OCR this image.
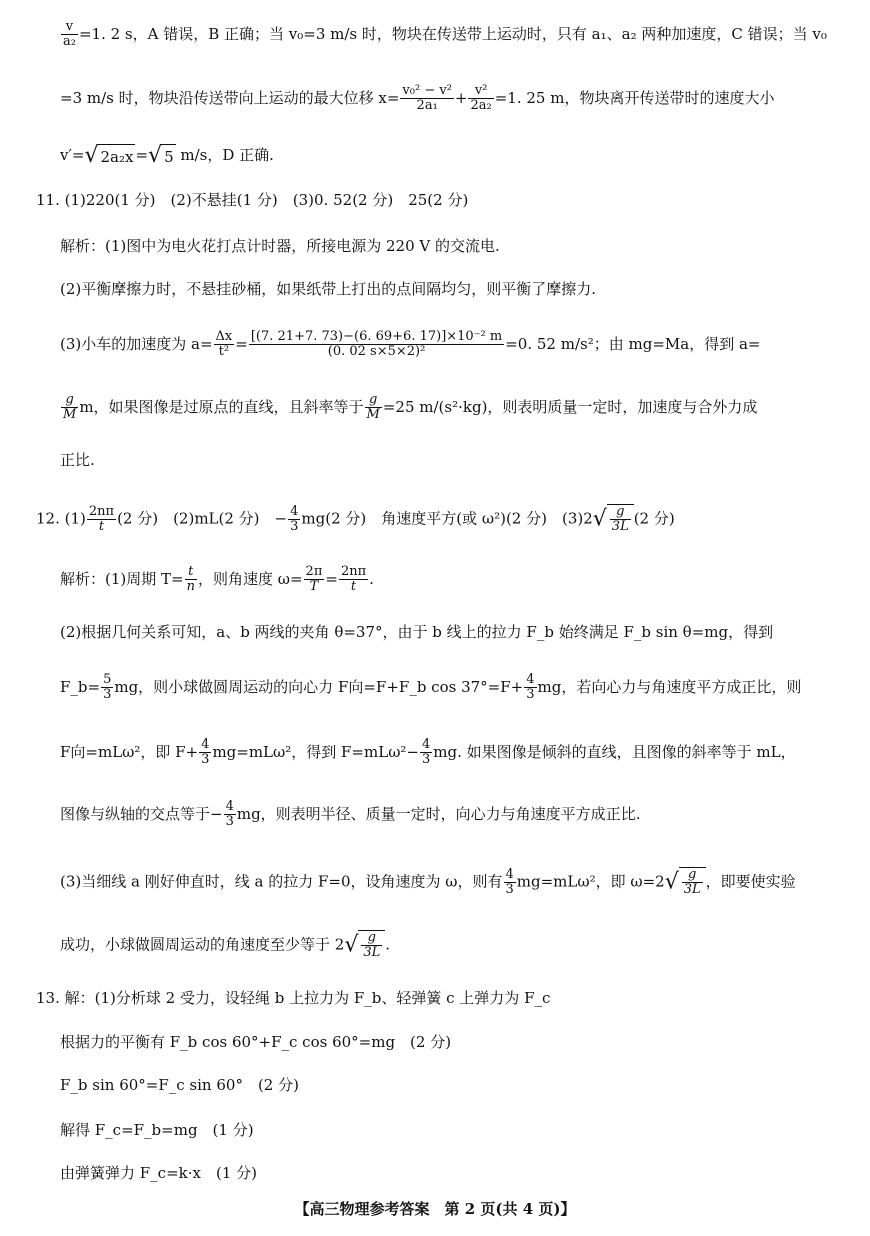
$\frac{v}{\text{a₂}} =1$. 2 s，A 错误，B 正确；当 v₀=3 m/s 时，物块在传送带上运动时，只有 a₁、a₂ 两种加速度，C 错误；当 v₀
=3 m/s 时，物块沿传送带向上运动的最大位移 $x= \frac{\text{v₀² − v²}}{\text{2a₁}} + \frac{\text{v²}}{\text{2a₂}} =1$. 25 m，物块离开传送带时的速度大小
v′=√ 2a₂x =√ 5 m/s，D 正确.
11. (1)220(1 分)　(2)不悬挂(1 分)　(3)0. 52(2 分)　25(2 分)
解析：(1)图中为电火花打点计时器，所接电源为 220 V 的交流电.
(2)平衡摩擦力时，不悬挂砂桶，如果纸带上打出的点间隔均匀，则平衡了摩擦力.
(3)小车的加速度为 $a= \frac{\Delta x}{\text{t²}} = \frac{\text{[(7. 21+7. 73)−(6. 69+6. 17)]×10⁻² m}}{\text{(0. 02 s×5×2)²}} =0$. 52 m/s²；由 mg=Ma，得到 a=
$\frac{g}{M}$ m，如果图像是过原点的直线，且斜率等于 $\frac{g}{M} =25$ m/(s²·kg)，则表明质量一定时，加速度与合外力成
正比.
12. $(1) \frac{2n\pi}{t} (2$ 分)　(2)mL(2 分)　− $\frac{4}{3} mg(2$ 分)　角速度平方(或 ω²)(2 分)　$(3)2√ \frac{g}{3L} (2$ 分)
解析：(1)周期 $T= \frac{t}{n}$ ，则角速度 $\omega= \frac{2\pi}{T} = \frac{2n\pi}{t}$ .
(2)根据几何关系可知，a、b 两线的夹角 θ=37°，由于 b 线上的拉力 F_b 始终满足 F_b sin θ=mg，得到
F_b= $\frac{5}{3}$ mg，则小球做圆周运动的向心力 F向=F+F_b $\cos 37^\circ=F+ \frac{4}{3}$ mg，若向心力与角速度平方成正比，则
F向=mLω²，即 $F+ \frac{4}{3} mg=mL\omega^2$，得到 $F=mL\omega^2- \frac{4}{3}$ mg. 如果图像是倾斜的直线，且图像的斜率等于 mL，
图像与纵轴的交点等于− $\frac{4}{3}$ mg，则表明半径、质量一定时，向心力与角速度平方成正比.
(3)当细线 a 刚好伸直时，线 a 的拉力 F=0，设角速度为 ω，则有 $\frac{4}{3} mg=mL\omega^2$，即 $\omega=2√ \frac{g}{3L}$ ，即要使实验
成功，小球做圆周运动的角速度至少等于 $2√ \frac{g}{3L}$ .
13. 解：(1)分析球 2 受力，设轻绳 b 上拉力为 F_b、轻弹簧 c 上弹力为 F_c
根据力的平衡有 F_b cos 60°+F_c cos 60°=mg　(2 分)
F_b sin 60°=F_c sin 60°　(2 分)
解得 F_c=F_b=mg　(1 分)
由弹簧弹力 F_c=k·x　(1 分)
【高三物理参考答案　第 2 页(共 4 页)】
